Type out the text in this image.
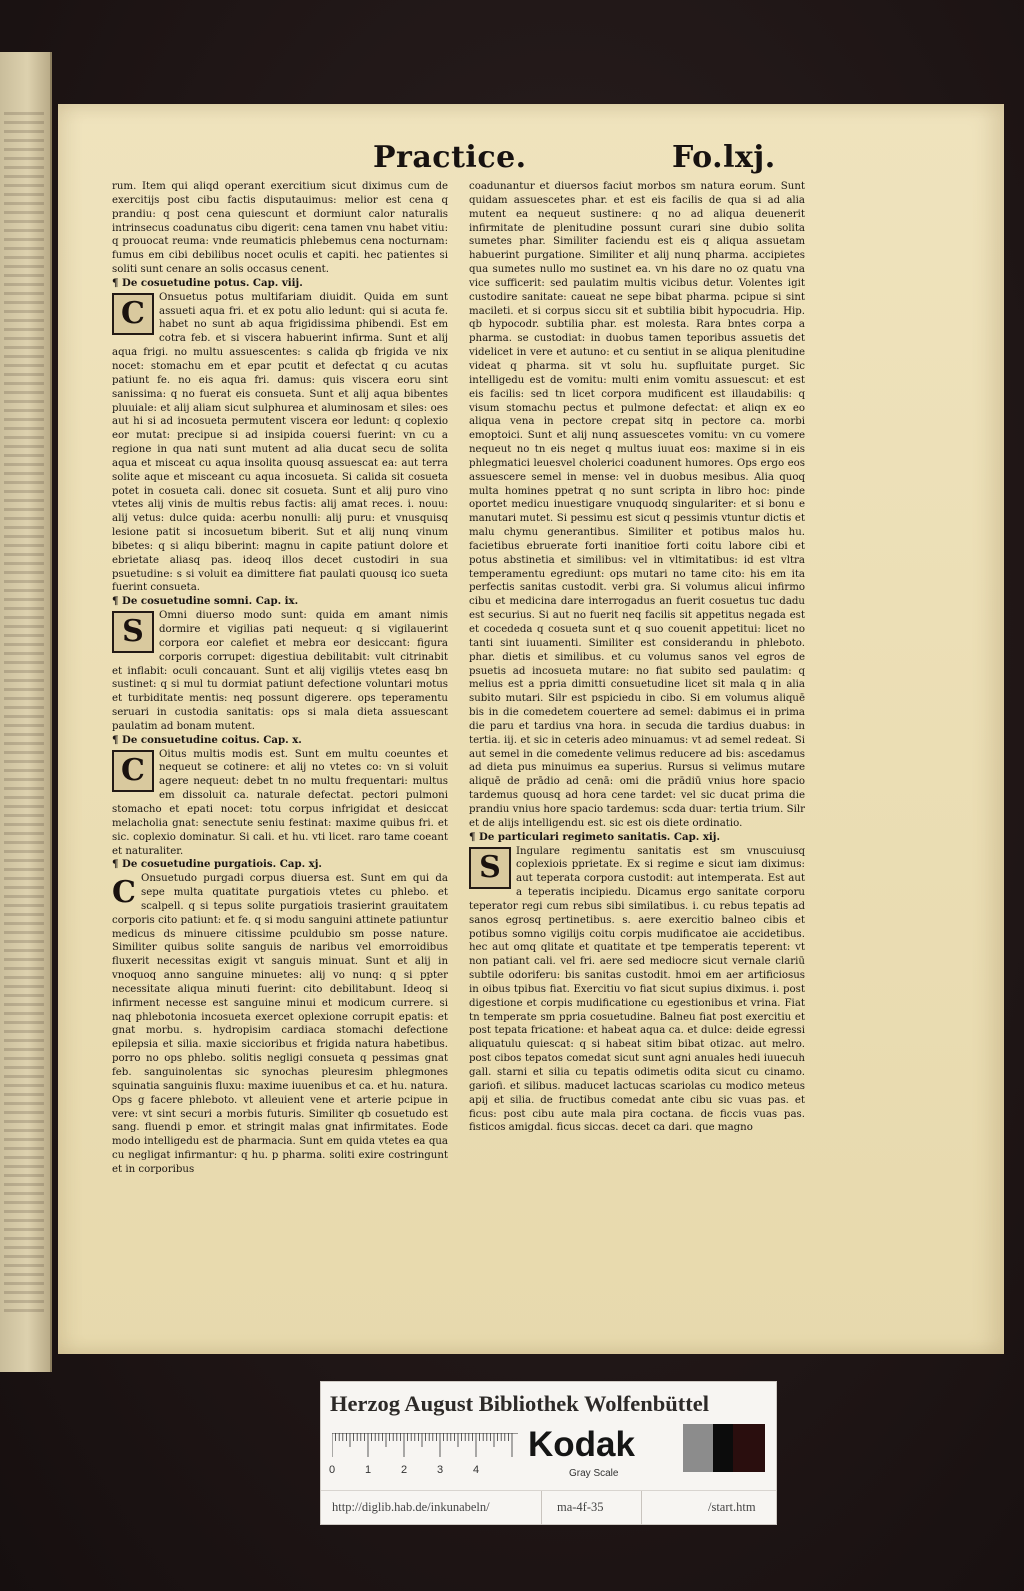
Practice.	Fo.lxj.

rum. Item qui aliqd operant exercitium sicut diximus cum de exercitijs post cibu factis disputauimus: melior est cena q prandiu: q post cena quiescunt et dormiunt calor naturalis intrinsecus coadunatus cibu digerit: cena tamen vnu habet vitiu: q prouocat reuma: vnde reumaticis phlebemus cena nocturnam: fumus em cibi debilibus nocet oculis et capiti. hec patientes si soliti sunt cenare an solis occasus cenent.

¶ De cosuetudine potus. Cap. viij.

C	Onsuetus potus multifariam diuidit. Quida em sunt assueti aqua fri. et ex potu alio ledunt: qui si acuta fe. habet no sunt ab aqua frigidissima phibendi. Est em cotra feb. et si viscera habuerint infirma. Sunt et alij aqua frigi. no multu assuescentes: s calida qb frigida ve nix nocet: stomachu em et epar pcutit et defectat q cu acutas patiunt fe. no eis aqua fri. damus: quis viscera eoru sint sanissima: q no fuerat eis consueta. Sunt et alij aqua bibentes pluuiale: et alij aliam sicut sulphurea et aluminosam et siles: oes aut hi si ad incosueta permutent viscera eor ledunt: q coplexio eor mutat: precipue si ad insipida couersi fuerint: vn cu a regione in qua nati sunt mutent ad alia ducat secu de solita aqua et misceat cu aqua insolita quousq assuescat ea: aut terra solite aque et misceant cu aqua incosueta. Si calida sit cosueta potet in cosueta cali. donec sit cosueta. Sunt et alij puro vino vtetes alij vinis de multis rebus factis: alij amat reces. i. nouu: alij vetus: dulce quida: acerbu nonulli: alij puru: et vnusquisq lesione patit si incosuetum biberit. Sut et alij nunq vinum bibetes: q si aliqu biberint: magnu in capite patiunt dolore et ebrietate aliasq pas. ideoq illos decet custodiri in sua psuetudine: s si voluit ea dimittere fiat paulati quousq ico sueta fuerint consueta.

¶ De cosuetudine somni. Cap. ix.

S	Omni diuerso modo sunt: quida em amant nimis dormire et vigilias pati nequeut: q si vigilauerint corpora eor calefiet et mebra eor desiccant: figura corporis corrupet: digestiua debilitabit: vult citrinabit et inflabit: oculi concauant. Sunt et alij vigilijs vtetes easq bn sustinet: q si mul tu dormiat patiunt defectione voluntari motus et turbiditate mentis: neq possunt digerere. ops teperamentu seruari in custodia sanitatis: ops si mala dieta assuescant paulatim ad bonam mutent.

¶ De consuetudine coitus. Cap. x.

C	Oitus multis modis est. Sunt em multu coeuntes et nequeut se cotinere: et alij no vtetes co: vn si voluit agere nequeut: debet tn no multu frequentari: multus em dissoluit ca. naturale defectat. pectori pulmoni stomacho et epati nocet: totu corpus infrigidat et desiccat melacholia gnat: senectute seniu festinat: maxime quibus fri. et sic. coplexio dominatur. Si cali. et hu. vti licet. raro tame coeant et naturaliter.

¶ De cosuetudine purgatiois. Cap. xj.

C Onsuetudo purgadi corpus diuersa est. Sunt em qui da sepe multa quatitate purgatiois vtetes cu phlebo. et scalpell. q si tepus solite purgatiois trasierint grauitatem corporis cito patiunt: et fe. q si modu sanguini attinete patiuntur medicus ds minuere citissime pculdubio sm posse nature. Similiter quibus solite sanguis de naribus vel emorroidibus fluxerit necessitas exigit vt sanguis minuat. Sunt et alij in vnoquoq anno sanguine minuetes: alij vo nunq: q si ppter necessitate aliqua minuti fuerint: cito debilitabunt. Ideoq si infirment necesse est sanguine minui et modicum currere. si naq phlebotonia incosueta exercet oplexione corrupit epatis: et gnat morbu. s. hydropisim cardiaca stomachi defectione epilepsia et silia. maxie siccioribus et frigida natura habetibus. porro no ops phlebo. solitis negligi consueta q pessimas gnat feb. sanguinolentas sic synochas pleuresim phlegmones squinatia sanguinis fluxu: maxime iuuenibus et ca. et hu. natura. Ops g facere phleboto. vt alleuient vene et arterie pcipue in vere: vt sint securi a morbis futuris. Similiter qb cosuetudo est sang. fluendi p emor. et stringit malas gnat infirmitates. Eode modo intelligedu est de pharmacia. Sunt em quida vtetes ea qua cu negligat infirmantur: q hu. p pharma. soliti exire costringunt et in corporibus

coadunantur et diuersos faciut morbos sm natura eorum. Sunt quidam assuescetes phar. et est eis facilis de qua si ad alia mutent ea nequeut sustinere: q no ad aliqua deuenerit infirmitate de plenitudine possunt curari sine dubio solita sumetes phar. Similiter faciendu est eis q aliqua assuetam habuerint purgatione. Similiter et alij nunq pharma. accipietes qua sumetes nullo mo sustinet ea. vn his dare no oz quatu vna vice sufficerit: sed paulatim multis vicibus detur. Volentes igit custodire sanitate: caueat ne sepe bibat pharma. pcipue si sint macileti. et si corpus siccu sit et subtilia bibit hypocudria. Hip. qb hypocodr. subtilia phar. est molesta. Rara bntes corpa a pharma. se custodiat: in duobus tamen teporibus assuetis det videlicet in vere et autuno: et cu sentiut in se aliqua plenitudine videat q pharma. sit vt solu hu. supfluitate purget. Sic intelligedu est de vomitu: multi enim vomitu assuescut: et est eis facilis: sed tn licet corpora mudificent est illaudabilis: q visum stomachu pectus et pulmone defectat: et aliqn ex eo aliqua vena in pectore crepat sitq in pectore ca. morbi emoptoici. Sunt et alij nunq assuescetes vomitu: vn cu vomere nequeut no tn eis neget q multus iuuat eos: maxime si in eis phlegmatici leuesvel cholerici coadunent humores. Ops ergo eos assuescere semel in mense: vel in duobus mesibus. Alia quoq multa homines ppetrat q no sunt scripta in libro hoc: pinde oportet medicu inuestigare vnuquodq singulariter: et si bonu e manutari mutet. Si pessimu est sicut q pessimis vtuntur dictis et malu chymu generantibus. Similiter et potibus malos hu. facietibus ebruerate forti inanitioe forti coitu labore cibi et potus abstinetia et similibus: vel in vltimitatibus: id est vltra temperamentu egrediunt: ops mutari no tame cito: his em ita perfectis sanitas custodit. verbi gra. Si volumus alicui infirmo cibu et medicina dare interrogadus an fuerit cosuetus tuc dadu est securius. Si aut no fuerit neq facilis sit appetitus negada est et cocededa q cosueta sunt et q suo couenit appetitui: licet no tanti sint iuuamenti. Similiter est considerandu in phleboto. phar. dietis et similibus. et cu volumus sanos vel egros de psuetis ad incosueta mutare: no fiat subito sed paulatim: q melius est a ppria dimitti consuetudine licet sit mala q in alia subito mutari. Silr est pspiciedu in cibo. Si em volumus aliquē bis in die comedetem couertere ad semel: dabimus ei in prima die paru et tardius vna hora. in secuda die tardius duabus: in tertia. iij. et sic in ceteris adeo minuamus: vt ad semel redeat. Si aut semel in die comedente velimus reducere ad bis: ascedamus ad dieta pus minuimus ea superius. Rursus si velimus mutare aliquē de prādio ad cenā: omi die prādiū vnius hore spacio tardemus quousq ad hora cene tardet: vel sic ducat prima die prandiu vnius hore spacio tardemus: scda duar: tertia trium. Silr et de alijs intelligendu est. sic est ois diete ordinatio.

¶ De particulari regimeto sanitatis. Cap. xij.

S	Ingulare regimentu sanitatis est sm vnuscuiusq coplexiois pprietate. Ex si regime e sicut iam diximus: aut teperata corpora custodit: aut intemperata. Est aut a teperatis incipiedu. Dicamus ergo sanitate corporu teperator regi cum rebus sibi similatibus. i. cu rebus tepatis ad sanos egrosq pertinetibus. s. aere exercitio balneo cibis et potibus somno vigilijs coitu corpis mudificatoe aie accidetibus. hec aut omq qlitate et quatitate et tpe temperatis teperent: vt non patiant cali. vel fri. aere sed mediocre sicut vernale clariū subtile odoriferu: bis sanitas custodit. hmoi em aer artificiosus in oibus tpibus fiat. Exercitiu vo fiat sicut supius diximus. i. post digestione et corpis mudificatione cu egestionibus et vrina. Fiat tn temperate sm ppria cosuetudine. Balneu fiat post exercitiu et post tepata fricatione: et habeat aqua ca. et dulce: deide egressi aliquatulu quiescat: q si habeat sitim bibat otizac. aut melro. post cibos tepatos comedat sicut sunt agni anuales hedi iuuecuh gall. starni et silia cu tepatis odimetis odita sicut cu cinamo. gariofi. et silibus. maducet lactucas scariolas cu modico meteus apij et silia. de fructibus comedat ante cibu sic vuas pas. et ficus: post cibu aute mala pira coctana. de ficcis vuas pas. fisticos amigdal. ficus siccas. decet ca dari. que magno

Herzog August Bibliothek Wolfenbüttel
0	1	2	3	4
Kodak
Gray Scale
http://diglib.hab.de/inkunabeln/	ma-4f-35	/start.htm
